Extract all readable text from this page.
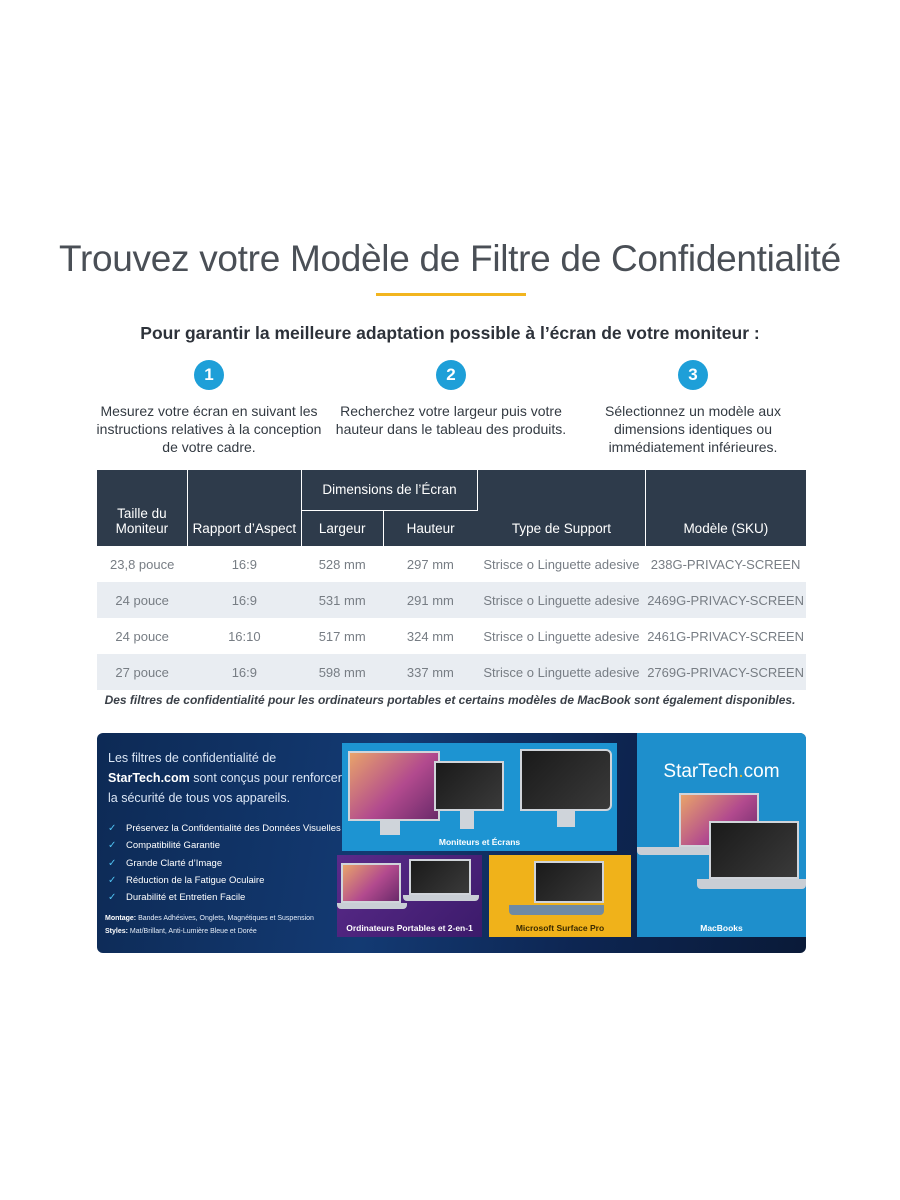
Trouvez votre Modèle de Filtre de Confidentialité
Pour garantir la meilleure adaptation possible à l’écran de votre moniteur :
1
Mesurez votre écran en suivant les instructions relatives à la conception de votre cadre.
2
Recherchez votre largeur puis votre hauteur dans le tableau des produits.
3
Sélectionnez un modèle aux dimensions identiques ou immédiatement inférieures.
Taille du Moniteur	Rapport d’Aspect	Dimensions de l’Écran		Type de Support	Modèle (SKU)
		Largeur	Hauteur		
23,8 pouce	16:9	528 mm	297 mm	Strisce o Linguette adesive	238G-PRIVACY-SCREEN
24 pouce	16:9	531 mm	291 mm	Strisce o Linguette adesive	2469G-PRIVACY-SCREEN
24 pouce	16:10	517 mm	324 mm	Strisce o Linguette adesive	2461G-PRIVACY-SCREEN
27 pouce	16:9	598 mm	337 mm	Strisce o Linguette adesive	2769G-PRIVACY-SCREEN
Des filtres de confidentialité pour les ordinateurs portables et certains modèles de MacBook sont également disponibles.
Les filtres de confidentialité de
StarTech.com sont conçus pour renforcer la sécurité de tous vos appareils.
✓	Préservez la Confidentialité des Données Visuelles
✓	Compatibilité Garantie
✓	Grande Clarté d’Image
✓	Réduction de la Fatigue Oculaire
✓	Durabilité et Entretien Facile
Montage: Bandes Adhésives, Onglets, Magnétiques et Suspension
Styles: Mat/Brillant, Anti-Lumière Bleue et Dorée
Moniteurs et Écrans
Ordinateurs Portables et 2-en-1	Microsoft Surface Pro
StarTech.com
MacBooks
